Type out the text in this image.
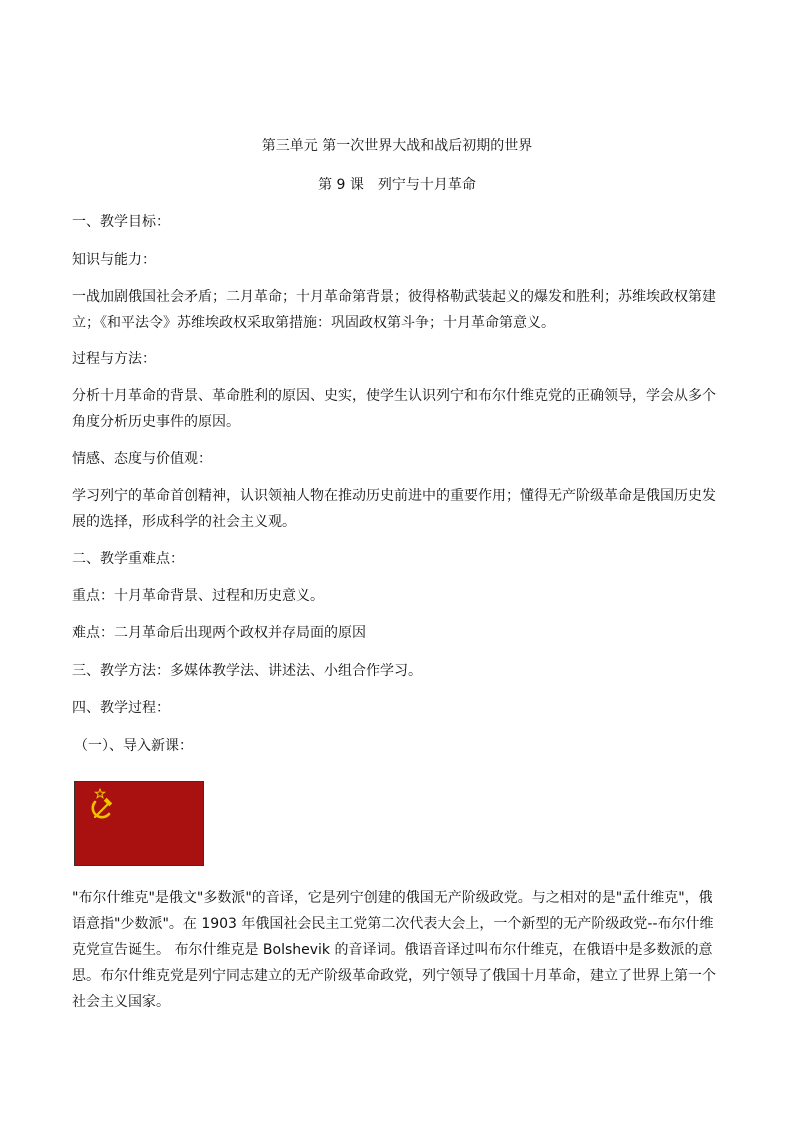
第三单元 第一次世界大战和战后初期的世界
第 9 课　列宁与十月革命
一、教学目标：
知识与能力：
一战加剧俄国社会矛盾；二月革命；十月革命第背景；彼得格勒武装起义的爆发和胜利；苏维埃政权第建立；《和平法令》苏维埃政权采取第措施：巩固政权第斗争；十月革命第意义。
过程与方法：
分析十月革命的背景、革命胜利的原因、史实，使学生认识列宁和布尔什维克党的正确领导，学会从多个角度分析历史事件的原因。
情感、态度与价值观：
学习列宁的革命首创精神，认识领袖人物在推动历史前进中的重要作用；懂得无产阶级革命是俄国历史发展的选择，形成科学的社会主义观。
二、教学重难点：
重点：十月革命背景、过程和历史意义。
难点：二月革命后出现两个政权并存局面的原因
三、教学方法：多媒体教学法、讲述法、小组合作学习。
四、教学过程：
（一）、导入新课：
"布尔什维克"是俄文"多数派"的音译，它是列宁创建的俄国无产阶级政党。与之相对的是"孟什维克"，俄语意指"少数派"。在 1903 年俄国社会民主工党第二次代表大会上，一个新型的无产阶级政党--布尔什维克党宣告诞生。 布尔什维克是 Bolshevik 的音译词。俄语音译过叫布尔什维克，在俄语中是多数派的意思。布尔什维克党是列宁同志建立的无产阶级革命政党，列宁领导了俄国十月革命，建立了世界上第一个社会主义国家。
